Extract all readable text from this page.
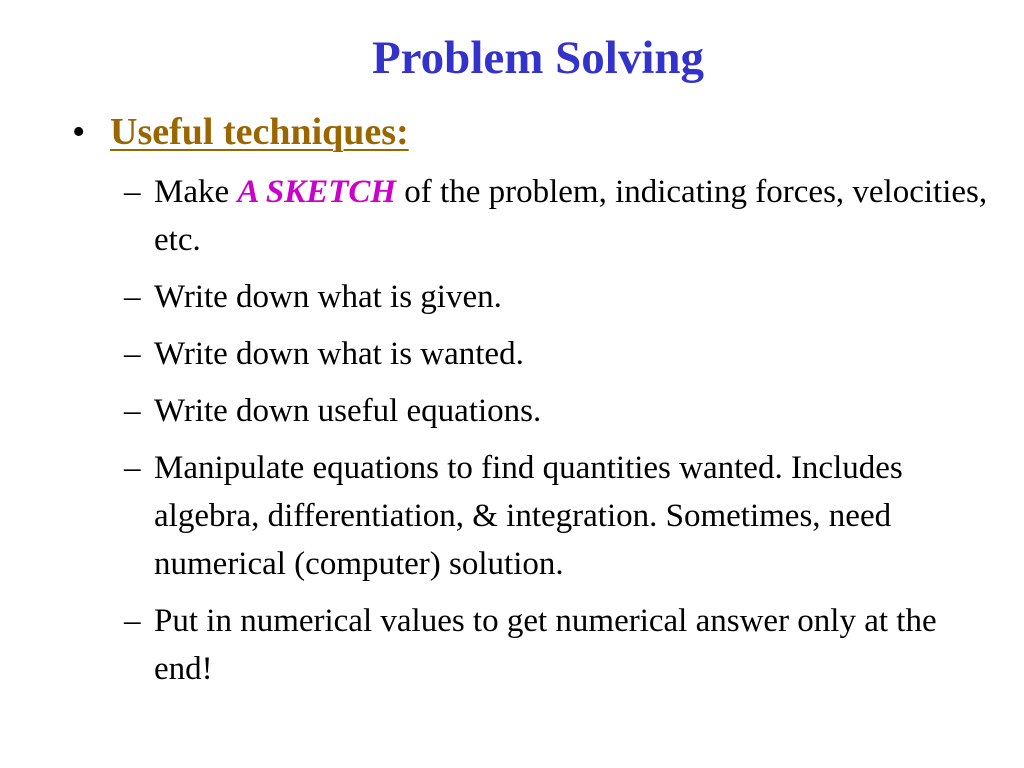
Problem Solving
• Useful techniques:
– Make A SKETCH of the problem, indicating forces, velocities, etc.
– Write down what is given.
– Write down what is wanted.
– Write down useful equations.
– Manipulate equations to find quantities wanted. Includes algebra, differentiation, & integration. Sometimes, need numerical (computer) solution.
– Put in numerical values to get numerical answer only at the end!
